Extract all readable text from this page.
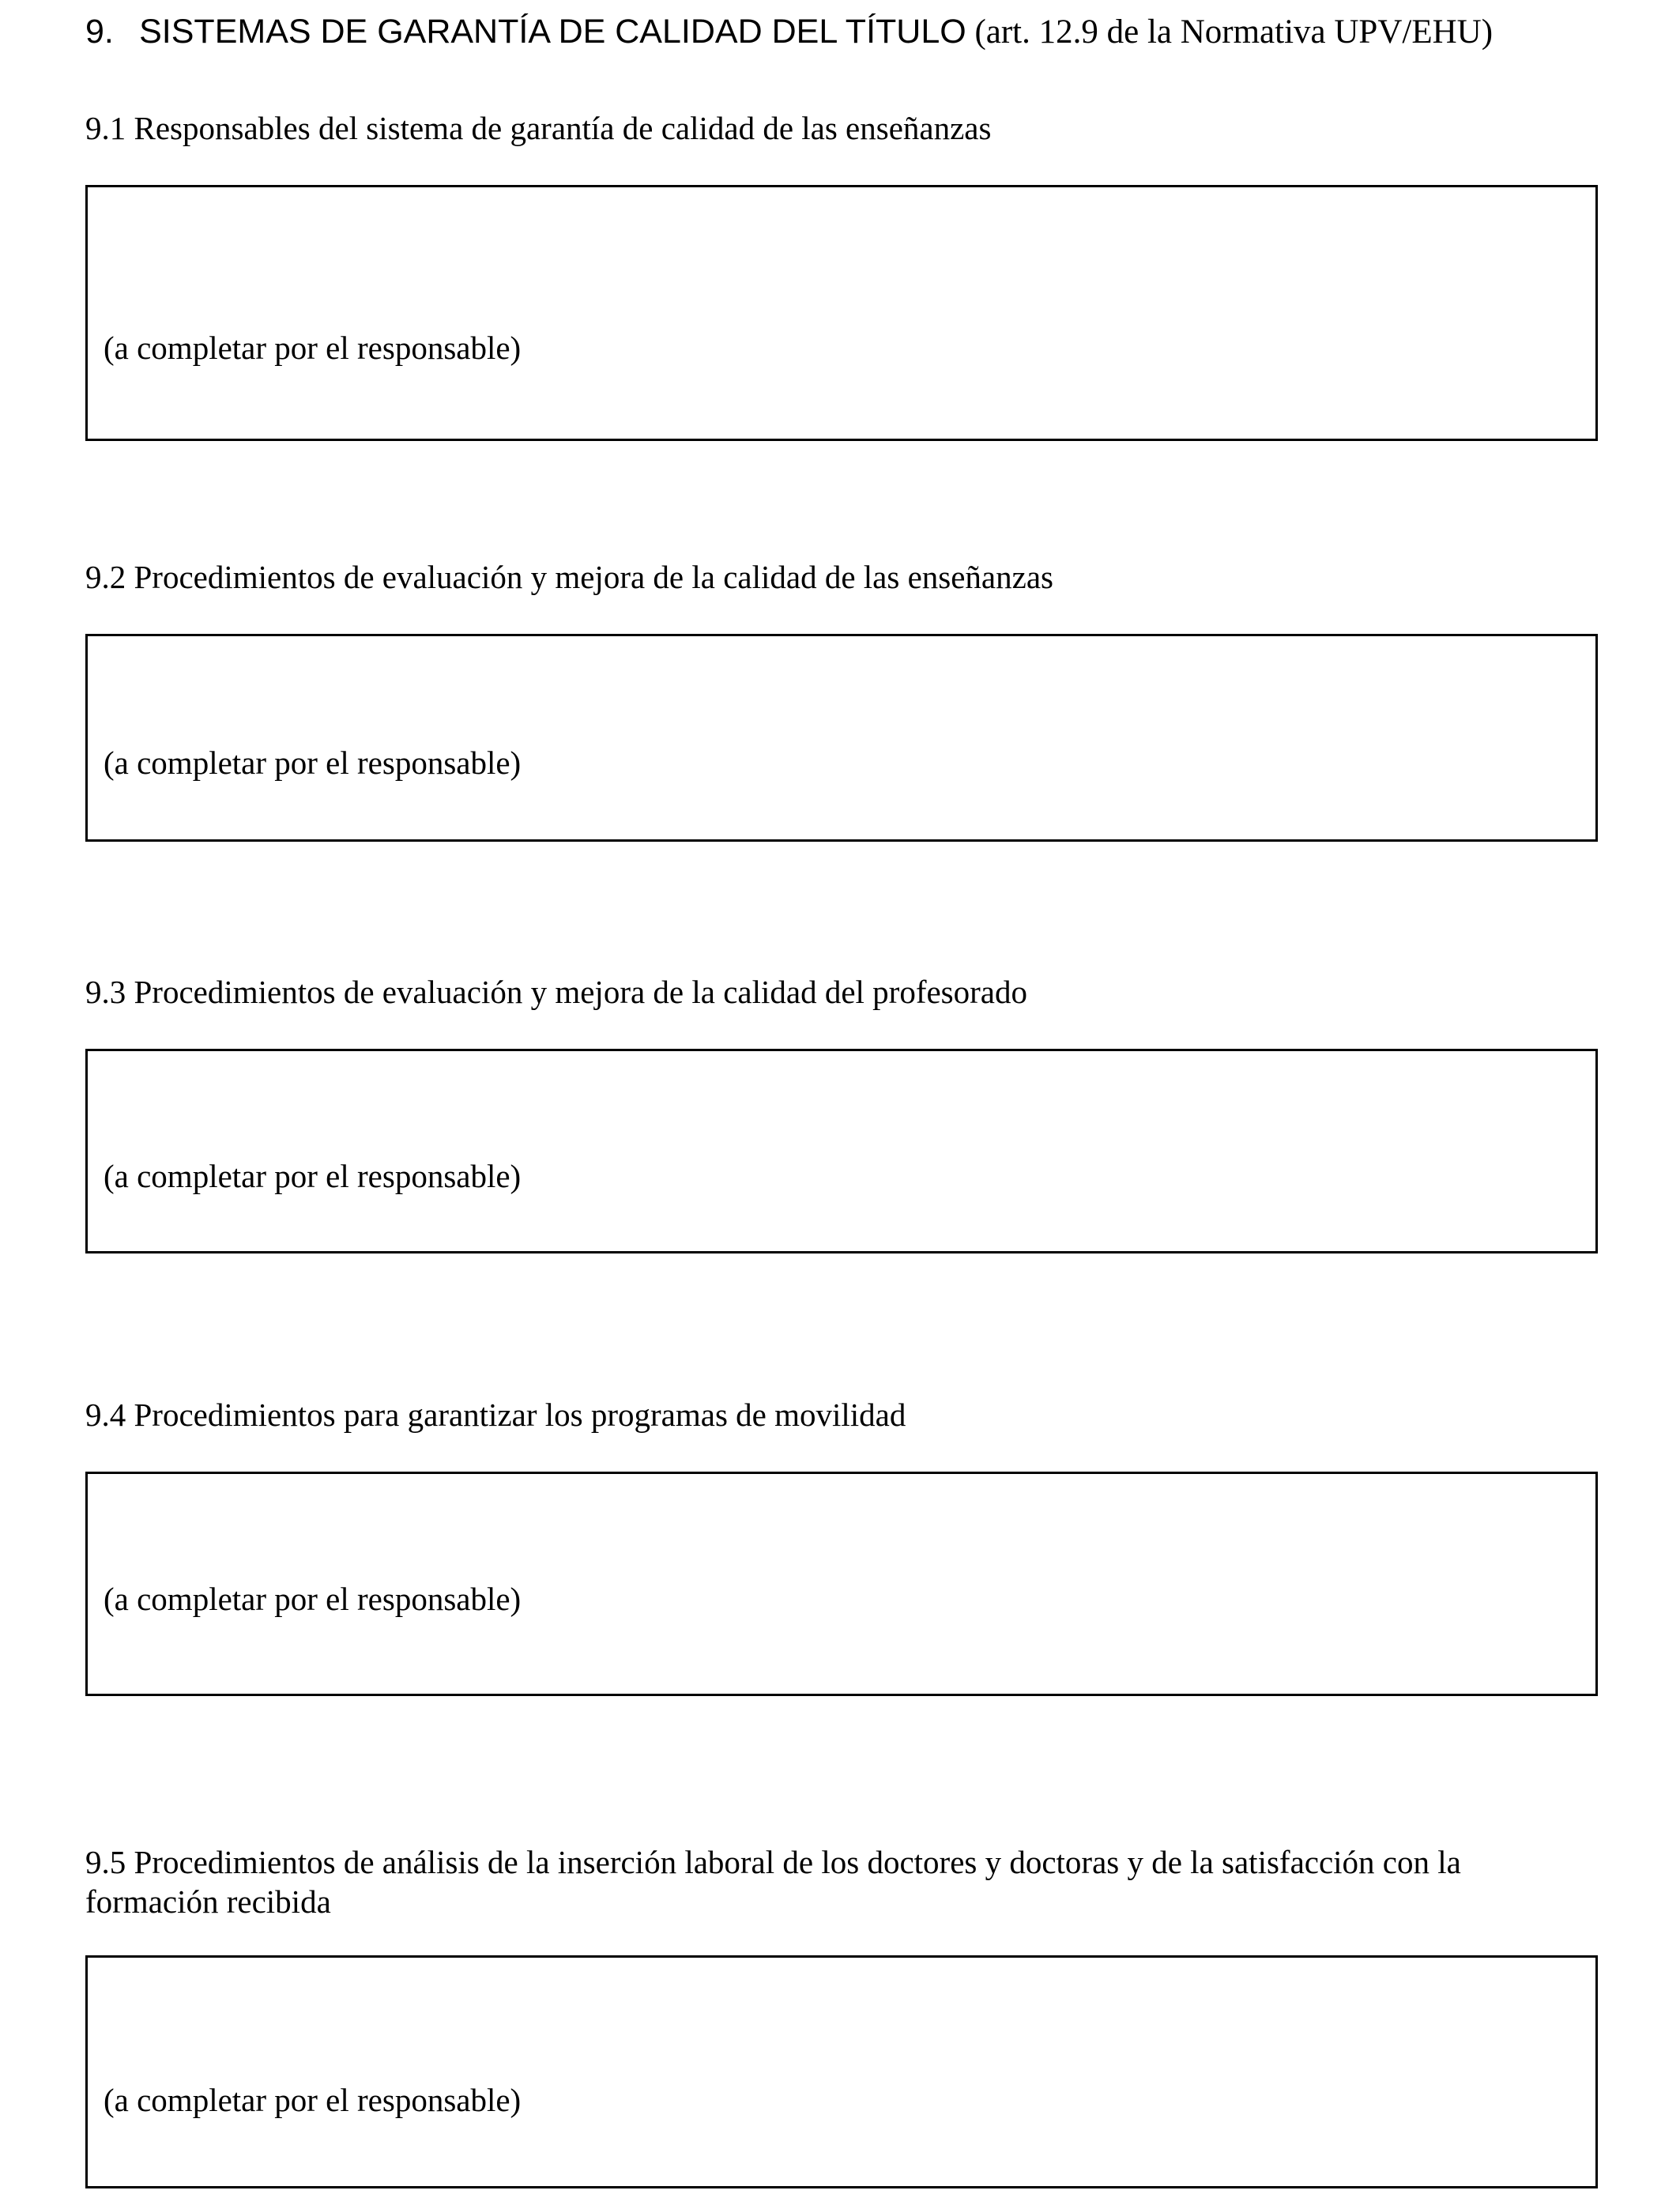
9. SISTEMAS DE GARANTÍA DE CALIDAD DEL TÍTULO (art. 12.9 de la Normativa UPV/EHU)
9.1 Responsables del sistema de garantía de calidad de las enseñanzas
(a completar por el responsable)
9.2 Procedimientos de evaluación y mejora de la calidad de las enseñanzas
(a completar por el responsable)
9.3 Procedimientos de evaluación y mejora de la calidad del profesorado
(a completar por el responsable)
9.4 Procedimientos para garantizar los programas de movilidad
(a completar por el responsable)
9.5 Procedimientos de análisis de la inserción laboral de los doctores y doctoras y de la satisfacción con la formación recibida
(a completar por el responsable)
